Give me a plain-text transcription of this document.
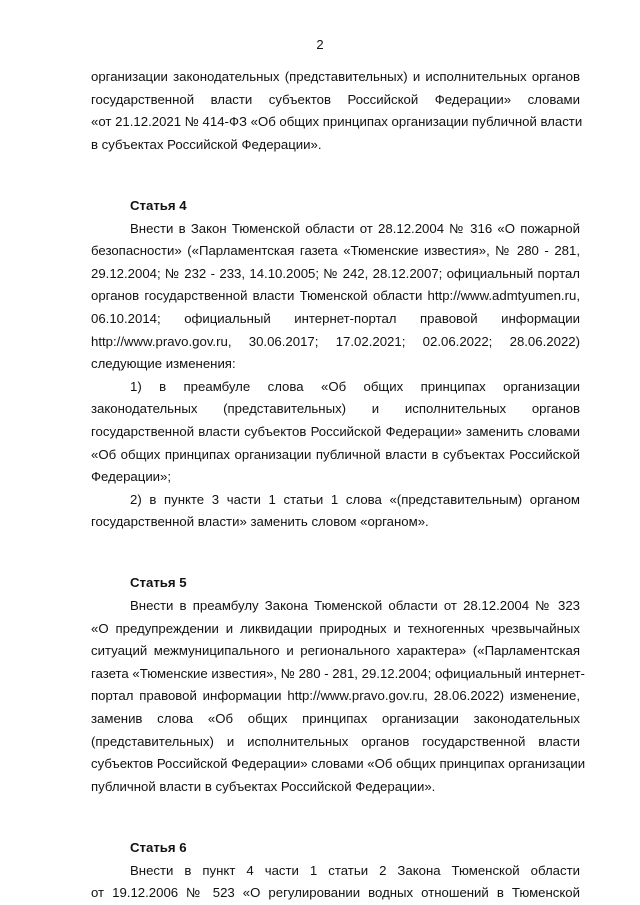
2
организации законодательных (представительных) и исполнительных органов
государственной власти субъектов Российской Федерации» словами
«от 21.12.2021 № 414-ФЗ «Об общих принципах организации публичной власти
в субъектах Российской Федерации».
Статья 4
Внести в Закон Тюменской области от 28.12.2004 № 316 «О пожарной
безопасности» («Парламентская газета «Тюменские известия», № 280 - 281,
29.12.2004; № 232 - 233, 14.10.2005; № 242, 28.12.2007; официальный портал
органов государственной власти Тюменской области http://www.admtyumen.ru,
06.10.2014; официальный интернет-портал правовой информации
http://www.pravo.gov.ru, 30.06.2017; 17.02.2021; 02.06.2022; 28.06.2022)
следующие изменения:
1) в преамбуле слова «Об общих принципах организации
законодательных (представительных) и исполнительных органов
государственной власти субъектов Российской Федерации» заменить словами
«Об общих принципах организации публичной власти в субъектах Российской
Федерации»;
2) в пункте 3 части 1 статьи 1 слова «(представительным) органом
государственной власти» заменить словом «органом».
Статья 5
Внести в преамбулу Закона Тюменской области от 28.12.2004 № 323
«О предупреждении и ликвидации природных и техногенных чрезвычайных
ситуаций межмуниципального и регионального характера» («Парламентская
газета «Тюменские известия», № 280 - 281, 29.12.2004; официальный интернет-
портал правовой информации http://www.pravo.gov.ru, 28.06.2022) изменение,
заменив слова «Об общих принципах организации законодательных
(представительных) и исполнительных органов государственной власти
субъектов Российской Федерации» словами «Об общих принципах организации
публичной власти в субъектах Российской Федерации».
Статья 6
Внести в пункт 4 части 1 статьи 2 Закона Тюменской области
от 19.12.2006 № 523 «О регулировании водных отношений в Тюменской
